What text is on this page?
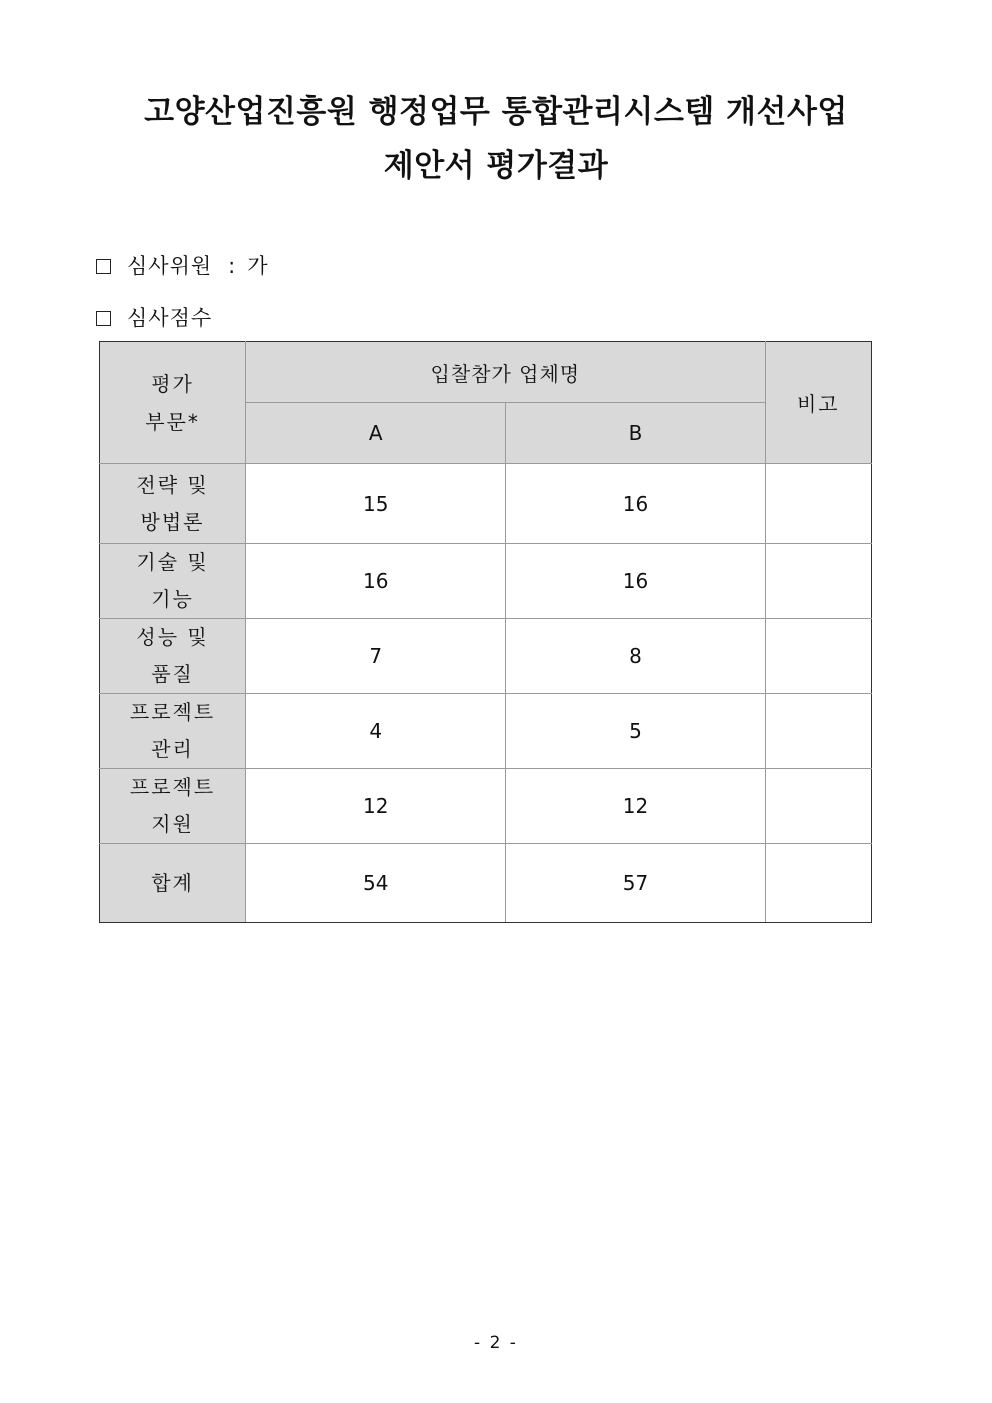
고양산업진흥원 행정업무 통합관리시스템 개선사업
제안서 평가결과
심사위원 : 가
심사점수
평가
부문*	입찰참가 업체명		비고
	A	B	

전략 및
방법론	15	16	

기술 및
기능	16	16	

성능 및
품질	7	8	

프로젝트
관리	4	5	

프로젝트
지원	12	12	
합계	54	57	
- 2 -
